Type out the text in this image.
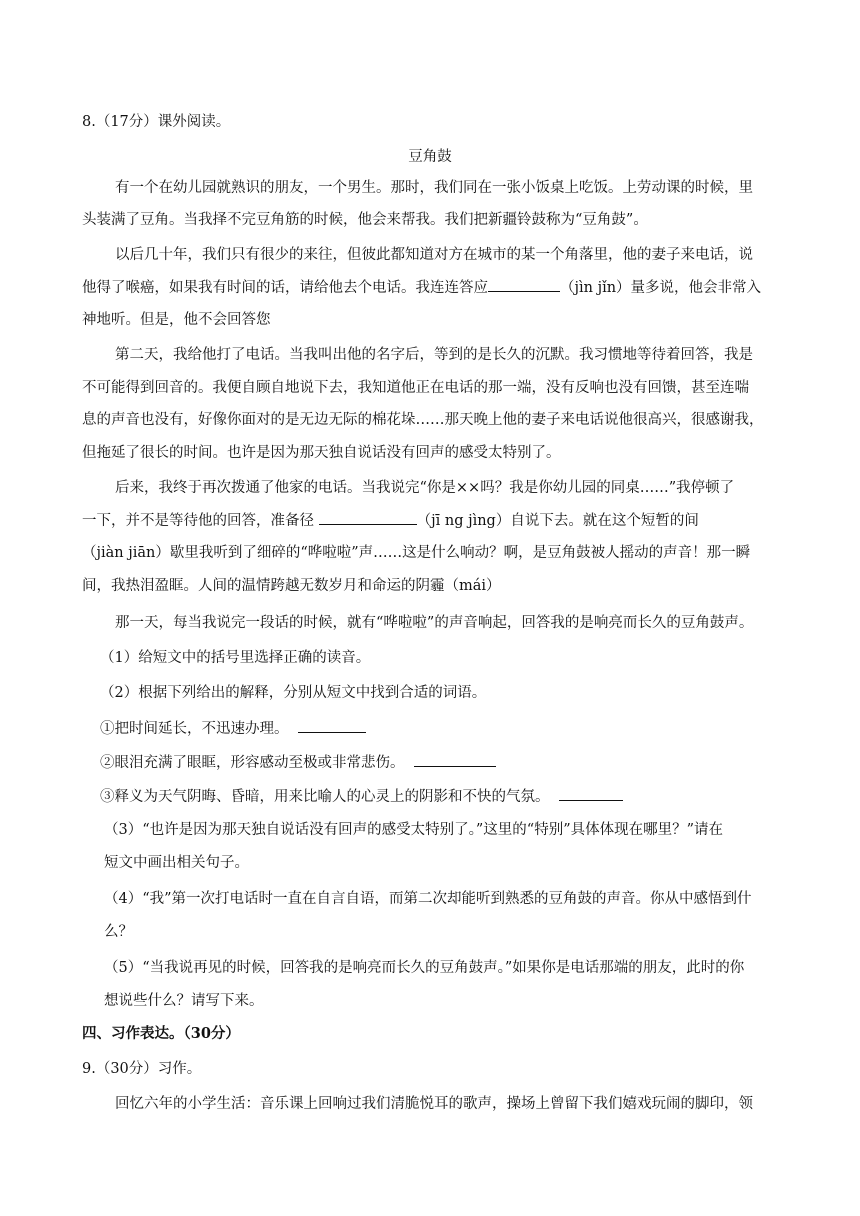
8.（17分）课外阅读。
豆角鼓
有一个在幼儿园就熟识的朋友，一个男生。那时，我们同在一张小饭桌上吃饭。上劳动课的时候，里
头装满了豆角。当我择不完豆角筋的时候，他会来帮我。我们把新疆铃鼓称为“豆角鼓”。
以后几十年，我们只有很少的来往，但彼此都知道对方在城市的某一个角落里，他的妻子来电话，说
他得了喉癌，如果我有时间的话，请给他去个电话。我连连答应	（jìn jǐn）量多说，他会非常入
神地听。但是，他不会回答您
第二天，我给他打了电话。当我叫出他的名字后，等到的是长久的沉默。我习惯地等待着回答，我是
不可能得到回音的。我便自顾自地说下去，我知道他正在电话的那一端，没有反响也没有回馈，甚至连喘
息的声音也没有，好像你面对的是无边无际的棉花垛……那天晚上他的妻子来电话说他很高兴，很感谢我，
但拖延了很长的时间。也许是因为那天独自说话没有回声的感受太特别了。
后来，我终于再次拨通了他家的电话。当我说完“你是××吗？我是你幼儿园的同桌……”我停顿了
一下，并不是等待他的回答，准备径	（jī ng jìng）自说下去。就在这个短暂的间
（jiàn jiān）歇里我听到了细碎的“哗啦啦”声……这是什么响动？啊，是豆角鼓被人摇动的声音！那一瞬
间，我热泪盈眶。人间的温情跨越无数岁月和命运的阴霾（mái）
那一天，每当我说完一段话的时候，就有“哗啦啦”的声音响起，回答我的是响亮而长久的豆角鼓声。
（1）给短文中的括号里选择正确的读音。
（2）根据下列给出的解释，分别从短文中找到合适的词语。
①把时间延长，不迅速办理。
②眼泪充满了眼眶，形容感动至极或非常悲伤。
③释义为天气阴晦、昏暗，用来比喻人的心灵上的阴影和不快的气氛。
（3）“也许是因为那天独自说话没有回声的感受太特别了。”这里的“特别”具体体现在哪里？”请在
短文中画出相关句子。
（4）“我”第一次打电话时一直在自言自语，而第二次却能听到熟悉的豆角鼓的声音。你从中感悟到什
么？
（5）“当我说再见的时候，回答我的是响亮而长久的豆角鼓声。”如果你是电话那端的朋友，此时的你
想说些什么？请写下来。
四、习作表达。（30分）
9.（30分）习作。
回忆六年的小学生活：音乐课上回响过我们清脆悦耳的歌声，操场上曾留下我们嬉戏玩闹的脚印，领
